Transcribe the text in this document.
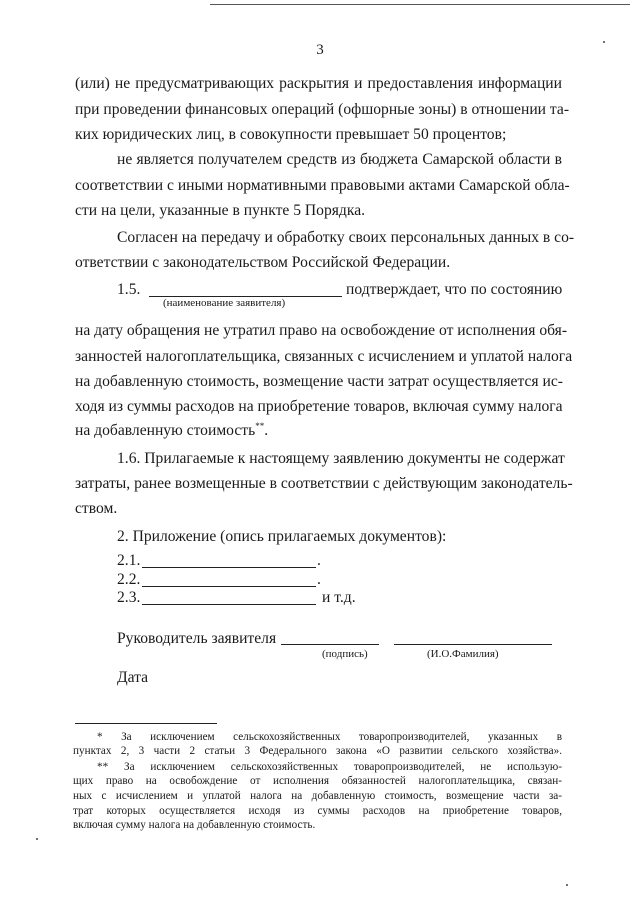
3
(или) не предусматривающих раскрытия и предоставления информации
при проведении финансовых операций (офшорные зоны) в отношении та-
ких юридических лиц, в совокупности превышает 50 процентов;
не является получателем средств из бюджета Самарской области в
соответствии с иными нормативными правовыми актами Самарской обла-
сти на цели, указанные в пункте 5 Порядка.
Согласен на передачу и обработку своих персональных данных в со-
ответствии с законодательством Российской Федерации.
1.5.	подтверждает, что по состоянию
(наименование заявителя)
на дату обращения не утратил право на освобождение от исполнения обя-
занностей налогоплательщика, связанных с исчислением и уплатой налога
на добавленную стоимость, возмещение части затрат осуществляется ис-
ходя из суммы расходов на приобретение товаров, включая сумму налога
на добавленную стоимость**.
1.6. Прилагаемые к настоящему заявлению документы не содержат
затраты, ранее возмещенные в соответствии с действующим законодатель-
ством.
2. Приложение (опись прилагаемых документов):
2.1.	.
2.2.	.
2.3.	и т.д.
Руководитель заявителя
(подпись)	(И.О.Фамилия)
Дата
* За исключением сельскохозяйственных товаропроизводителей, указанных в
пунктах 2, 3 части 2 статьи 3 Федерального закона «О развитии сельского хозяйства».
** За исключением сельскохозяйственных товаропроизводителей, не использую-
щих право на освобождение от исполнения обязанностей налогоплательщика, связан-
ных с исчислением и уплатой налога на добавленную стоимость, возмещение части за-
трат которых осуществляется исходя из суммы расходов на приобретение товаров,
включая сумму налога на добавленную стоимость.
